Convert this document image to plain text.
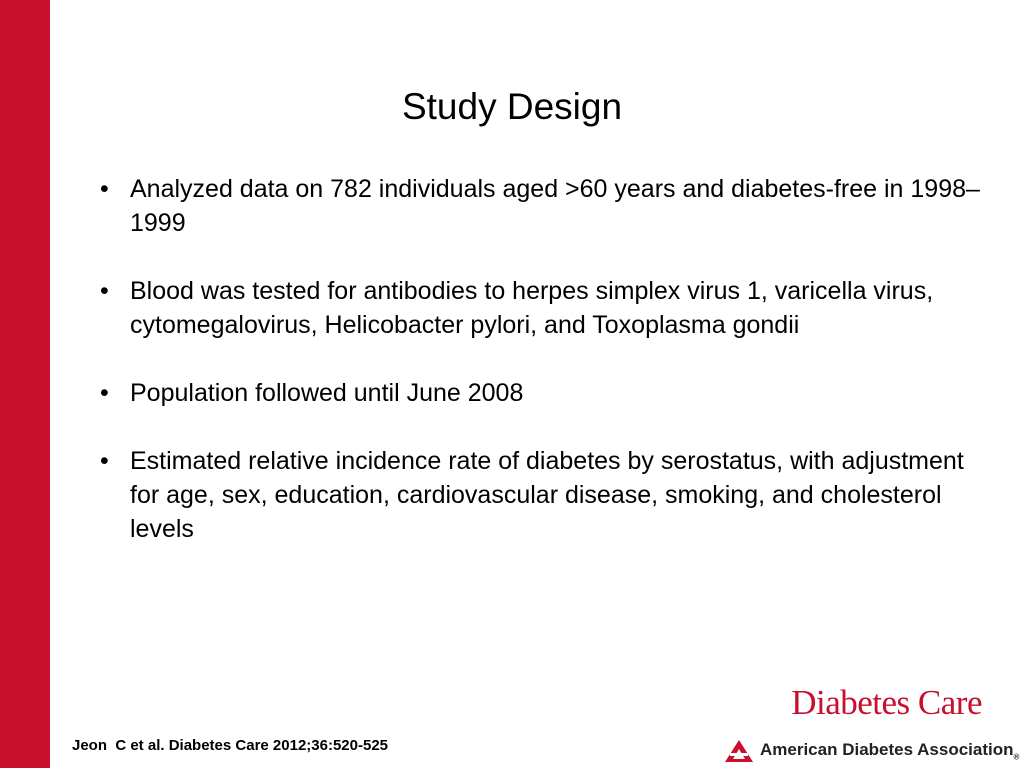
Study Design
• Analyzed data on 782 individuals aged >60 years and diabetes-free in 1998–1999
• Blood was tested for antibodies to herpes simplex virus 1, varicella virus, cytomegalovirus, Helicobacter pylori, and Toxoplasma gondii
• Population followed until June 2008
• Estimated relative incidence rate of diabetes by serostatus, with adjustment for age, sex, education, cardiovascular disease, smoking, and cholesterol levels
Jeon  C et al. Diabetes Care 2012;36:520-525
Diabetes Care
American Diabetes Association$_®$
